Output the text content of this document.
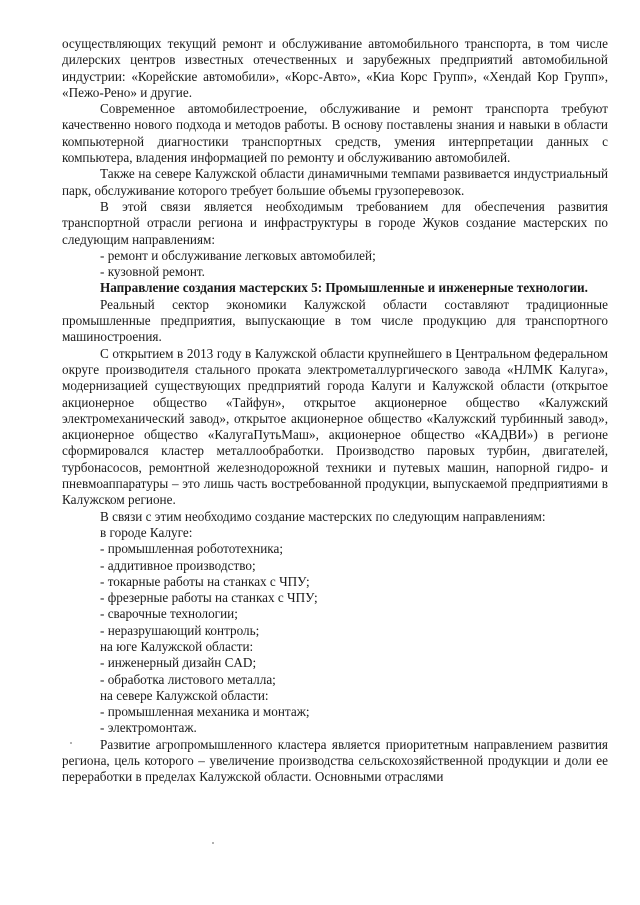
осуществляющих текущий ремонт и обслуживание автомобильного транспорта, в том числе дилерских центров известных отечественных и зарубежных предприятий автомобильной индустрии: «Корейские автомобили», «Корс-Авто», «Киа Корс Групп», «Хендай Кор Групп», «Пежо-Рено» и другие.

Современное автомобилестроение, обслуживание и ремонт транспорта требуют качественно нового подхода и методов работы. В основу поставлены знания и навыки в области компьютерной диагностики транспортных средств, умения интерпретации данных с компьютера, владения информацией по ремонту и обслуживанию автомобилей.

Также на севере Калужской области динамичными темпами развивается индустриальный парк, обслуживание которого требует большие объемы грузоперевозок.

В этой связи является необходимым требованием для обеспечения развития транспортной отрасли региона и инфраструктуры в городе Жуков создание мастерских по следующим направлениям:

- ремонт и обслуживание легковых автомобилей;

- кузовной ремонт.

Направление создания мастерских 5: Промышленные и инженерные технологии.

Реальный сектор экономики Калужской области составляют традиционные промышленные предприятия, выпускающие в том числе продукцию для транспортного машиностроения.

С открытием в 2013 году в Калужской области крупнейшего в Центральном федеральном округе производителя стального проката электрометаллургического завода «НЛМК Калуга», модернизацией существующих предприятий города Калуги и Калужской области (открытое акционерное общество «Тайфун», открытое акционерное общество «Калужский электромеханический завод», открытое акционерное общество «Калужский турбинный завод», акционерное общество «КалугаПутьМаш», акционерное общество «КАДВИ») в регионе сформировался кластер металлообработки. Производство паровых турбин, двигателей, турбонасосов, ремонтной железнодорожной техники и путевых машин, напорной гидро- и пневмоаппаратуры – это лишь часть востребованной продукции, выпускаемой предприятиями в Калужском регионе.

В связи с этим необходимо создание мастерских по следующим направлениям:

в городе Калуге:

- промышленная робототехника;

- аддитивное производство;

- токарные работы на станках с ЧПУ;

- фрезерные работы на станках с ЧПУ;

- сварочные технологии;

- неразрушающий контроль;

на юге Калужской области:

- инженерный дизайн CAD;

- обработка листового металла;

на севере Калужской области:

- промышленная механика и монтаж;

- электромонтаж.

Развитие агропромышленного кластера является приоритетным направлением развития региона, цель которого – увеличение производства сельскохозяйственной продукции и доли ее переработки в пределах Калужской области. Основными отраслями
